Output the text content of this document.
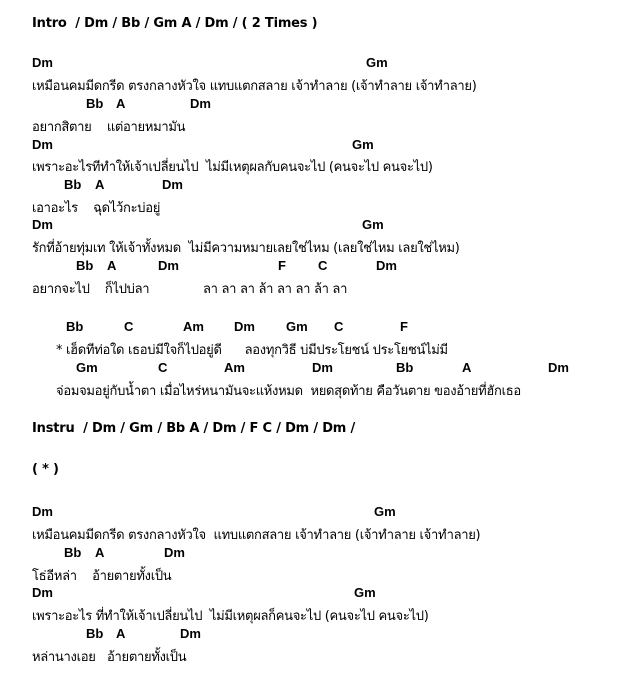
Intro  / Dm / Bb / Gm A / Dm / ( 2 Times )
Dm	Gm
เหมือนคมมีดกรีด ตรงกลางหัวใจ แทบแตกสลาย เจ้าทำลาย (เจ้าทำลาย เจ้าทำลาย)
Bb A	Dm
อยากสิตาย    แต่อายหมามัน
Dm	Gm
เพราะอะไรทีทำให้เจ้าเปลี่ยนไป  ไม่มีเหตุผลกับคนจะไป (คนจะไป คนจะไป)
Bb A	Dm
เอาอะไร    ฉุดไว้กะบ่อยู่
Dm	Gm
รักที่อ้ายทุ่มเท ให้เจ้าทั้งหมด  ไม่มีความหมายเลยใช่ไหม (เลยใช่ไหม เลยใช่ไหม)
Bb A	Dm	F C	Dm
อยากจะไป    ก็ไปบ่ลา              ลา ลา ลา ล้า ลา ลา ล้า ลา
Bb	C	Am Dm Gm C	F
* เฮ็ดทีท่อใด เธอบ่มีใจก็ไปอยู่ดี      ลองทุกวิธี บ่มีประโยชน์ ประโยชน์ไม่มี
Gm	C	Am	Dm	Bb	A	Dm
จ่อมจมอยู่กับน้ำตา เมื่อไหร่หนามันจะแห้งหมด  หยดสุดท้าย คือวันตาย ของอ้ายที่ฮักเธอ
Instru  / Dm / Gm / Bb A / Dm / F C / Dm / Dm /
( * )
Dm	Gm
เหมือนคมมีดกรีด ตรงกลางหัวใจ  แทบแตกสลาย เจ้าทำลาย (เจ้าทำลาย เจ้าทำลาย)
Bb A	Dm
โธ่อีหล่า    อ้ายตายทั้งเป็น
Dm	Gm
เพราะอะไร ที่ทำให้เจ้าเปลี่ยนไป  ไม่มีเหตุผลก็คนจะไป (คนจะไป คนจะไป)
Bb A	Dm
หล่านางเอย   อ้ายตายทั้งเป็น
